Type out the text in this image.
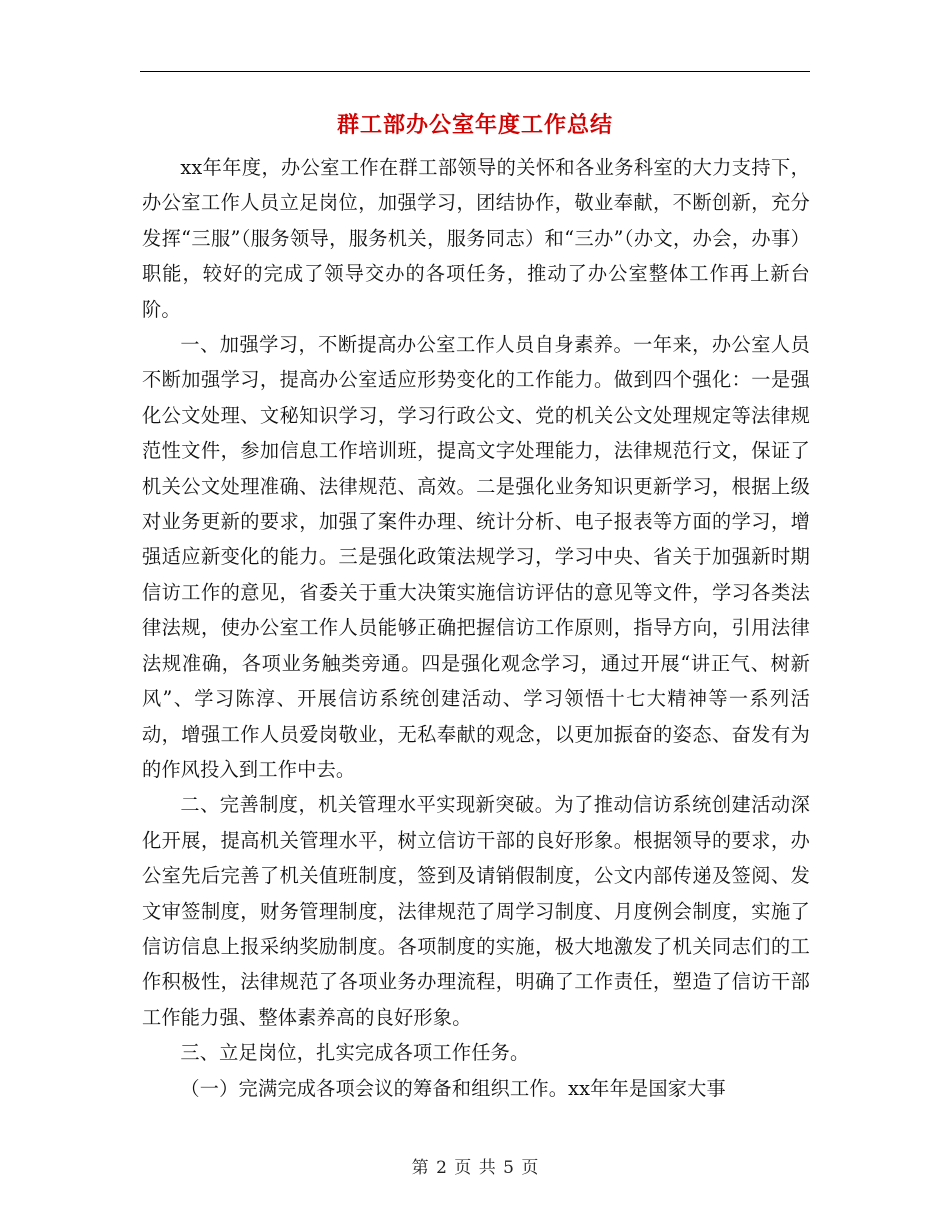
群工部办公室年度工作总结

xx年年度，办公室工作在群工部领导的关怀和各业务科室的大力支持下，办公室工作人员立足岗位，加强学习，团结协作，敬业奉献，不断创新，充分发挥“三服”（服务领导，服务机关，服务同志）和“三办”（办文，办会，办事）职能，较好的完成了领导交办的各项任务，推动了办公室整体工作再上新台阶。

一、加强学习，不断提高办公室工作人员自身素养。一年来，办公室人员不断加强学习，提高办公室适应形势变化的工作能力。做到四个强化：一是强化公文处理、文秘知识学习，学习行政公文、党的机关公文处理规定等法律规范性文件，参加信息工作培训班，提高文字处理能力，法律规范行文，保证了机关公文处理准确、法律规范、高效。二是强化业务知识更新学习，根据上级对业务更新的要求，加强了案件办理、统计分析、电子报表等方面的学习，增强适应新变化的能力。三是强化政策法规学习，学习中央、省关于加强新时期信访工作的意见，省委关于重大决策实施信访评估的意见等文件，学习各类法律法规，使办公室工作人员能够正确把握信访工作原则，指导方向，引用法律法规准确，各项业务触类旁通。四是强化观念学习，通过开展“讲正气、树新风”、学习陈淳、开展信访系统创建活动、学习领悟十七大精神等一系列活动，增强工作人员爱岗敬业，无私奉献的观念，以更加振奋的姿态、奋发有为的作风投入到工作中去。

二、完善制度，机关管理水平实现新突破。为了推动信访系统创建活动深化开展，提高机关管理水平，树立信访干部的良好形象。根据领导的要求，办公室先后完善了机关值班制度，签到及请销假制度，公文内部传递及签阅、发文审签制度，财务管理制度，法律规范了周学习制度、月度例会制度，实施了信访信息上报采纳奖励制度。各项制度的实施，极大地激发了机关同志们的工作积极性，法律规范了各项业务办理流程，明确了工作责任，塑造了信访干部工作能力强、整体素养高的良好形象。

三、立足岗位，扎实完成各项工作任务。

（一）完满完成各项会议的筹备和组织工作。xx年年是国家大事

第 2 页 共 5 页
